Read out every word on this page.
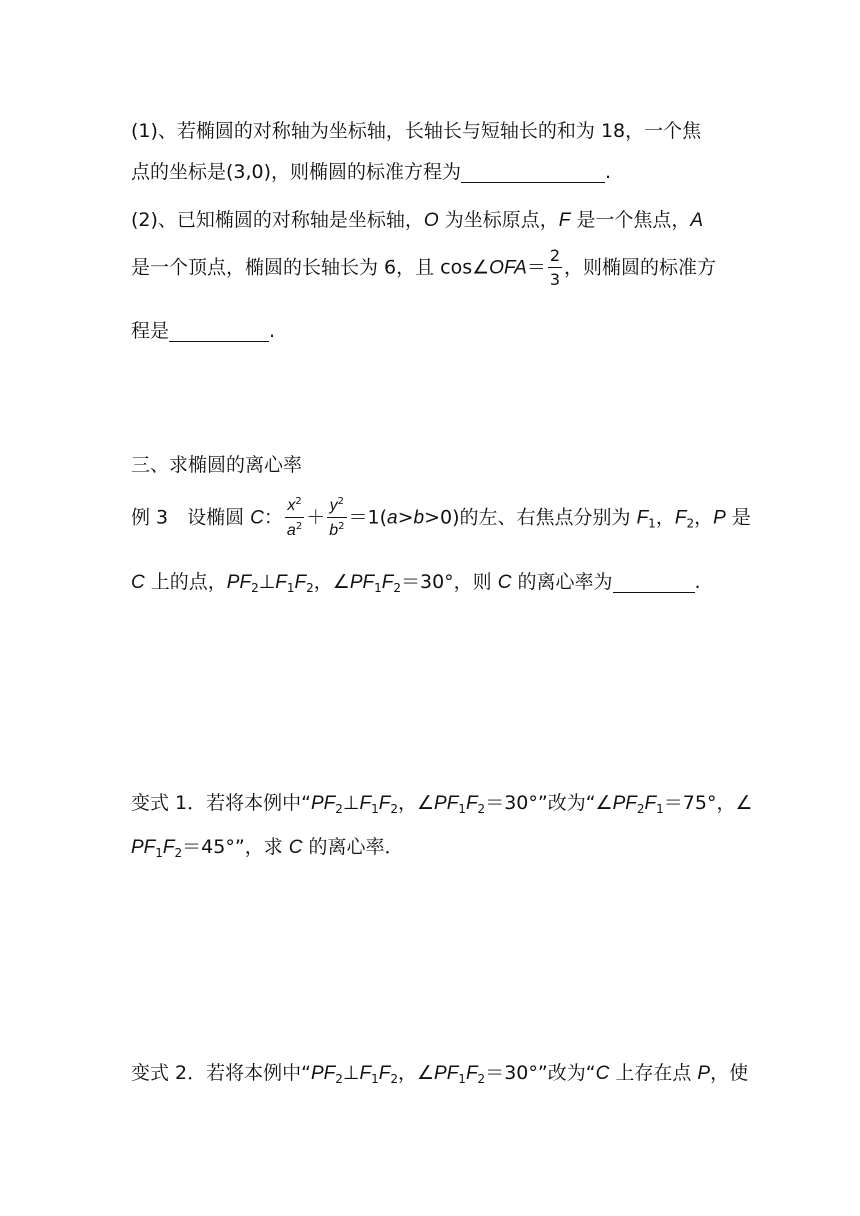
(1)、若椭圆的对称轴为坐标轴，长轴长与短轴长的和为 18，一个焦
点的坐标是(3,0)，则椭圆的标准方程为	.
(2)、已知椭圆的对称轴是坐标轴，O 为坐标原点，F 是一个焦点，A
是一个顶点，椭圆的长轴长为 6，且 cos∠OFA＝ $\frac{2}{3}$ ，则椭圆的标准方
程是	.
三、求椭圆的离心率
例 3　设椭圆 C： $\frac{x^2}{a^2} + \frac{y^2}{b^2} =1(a>b>0)$的左、右焦点分别为 $F_1$，$F_2$，P 是
C 上的点，$PF_2\perp F_1F_2$，$\angle PF_1F_2=30^\circ$，则 C 的离心率为	.
变式 1．若将本例中“$PF_2\perp F_1F_2$，$\angle PF_1F_2=30^\circ$”改为“$\angle PF_2F_1=75^\circ$，∠
$PF_1F_2=45^\circ$”，求 C 的离心率．
变式 2．若将本例中“$PF_2\perp F_1F_2$，$\angle PF_1F_2=30^\circ$”改为“C 上存在点 P，使
